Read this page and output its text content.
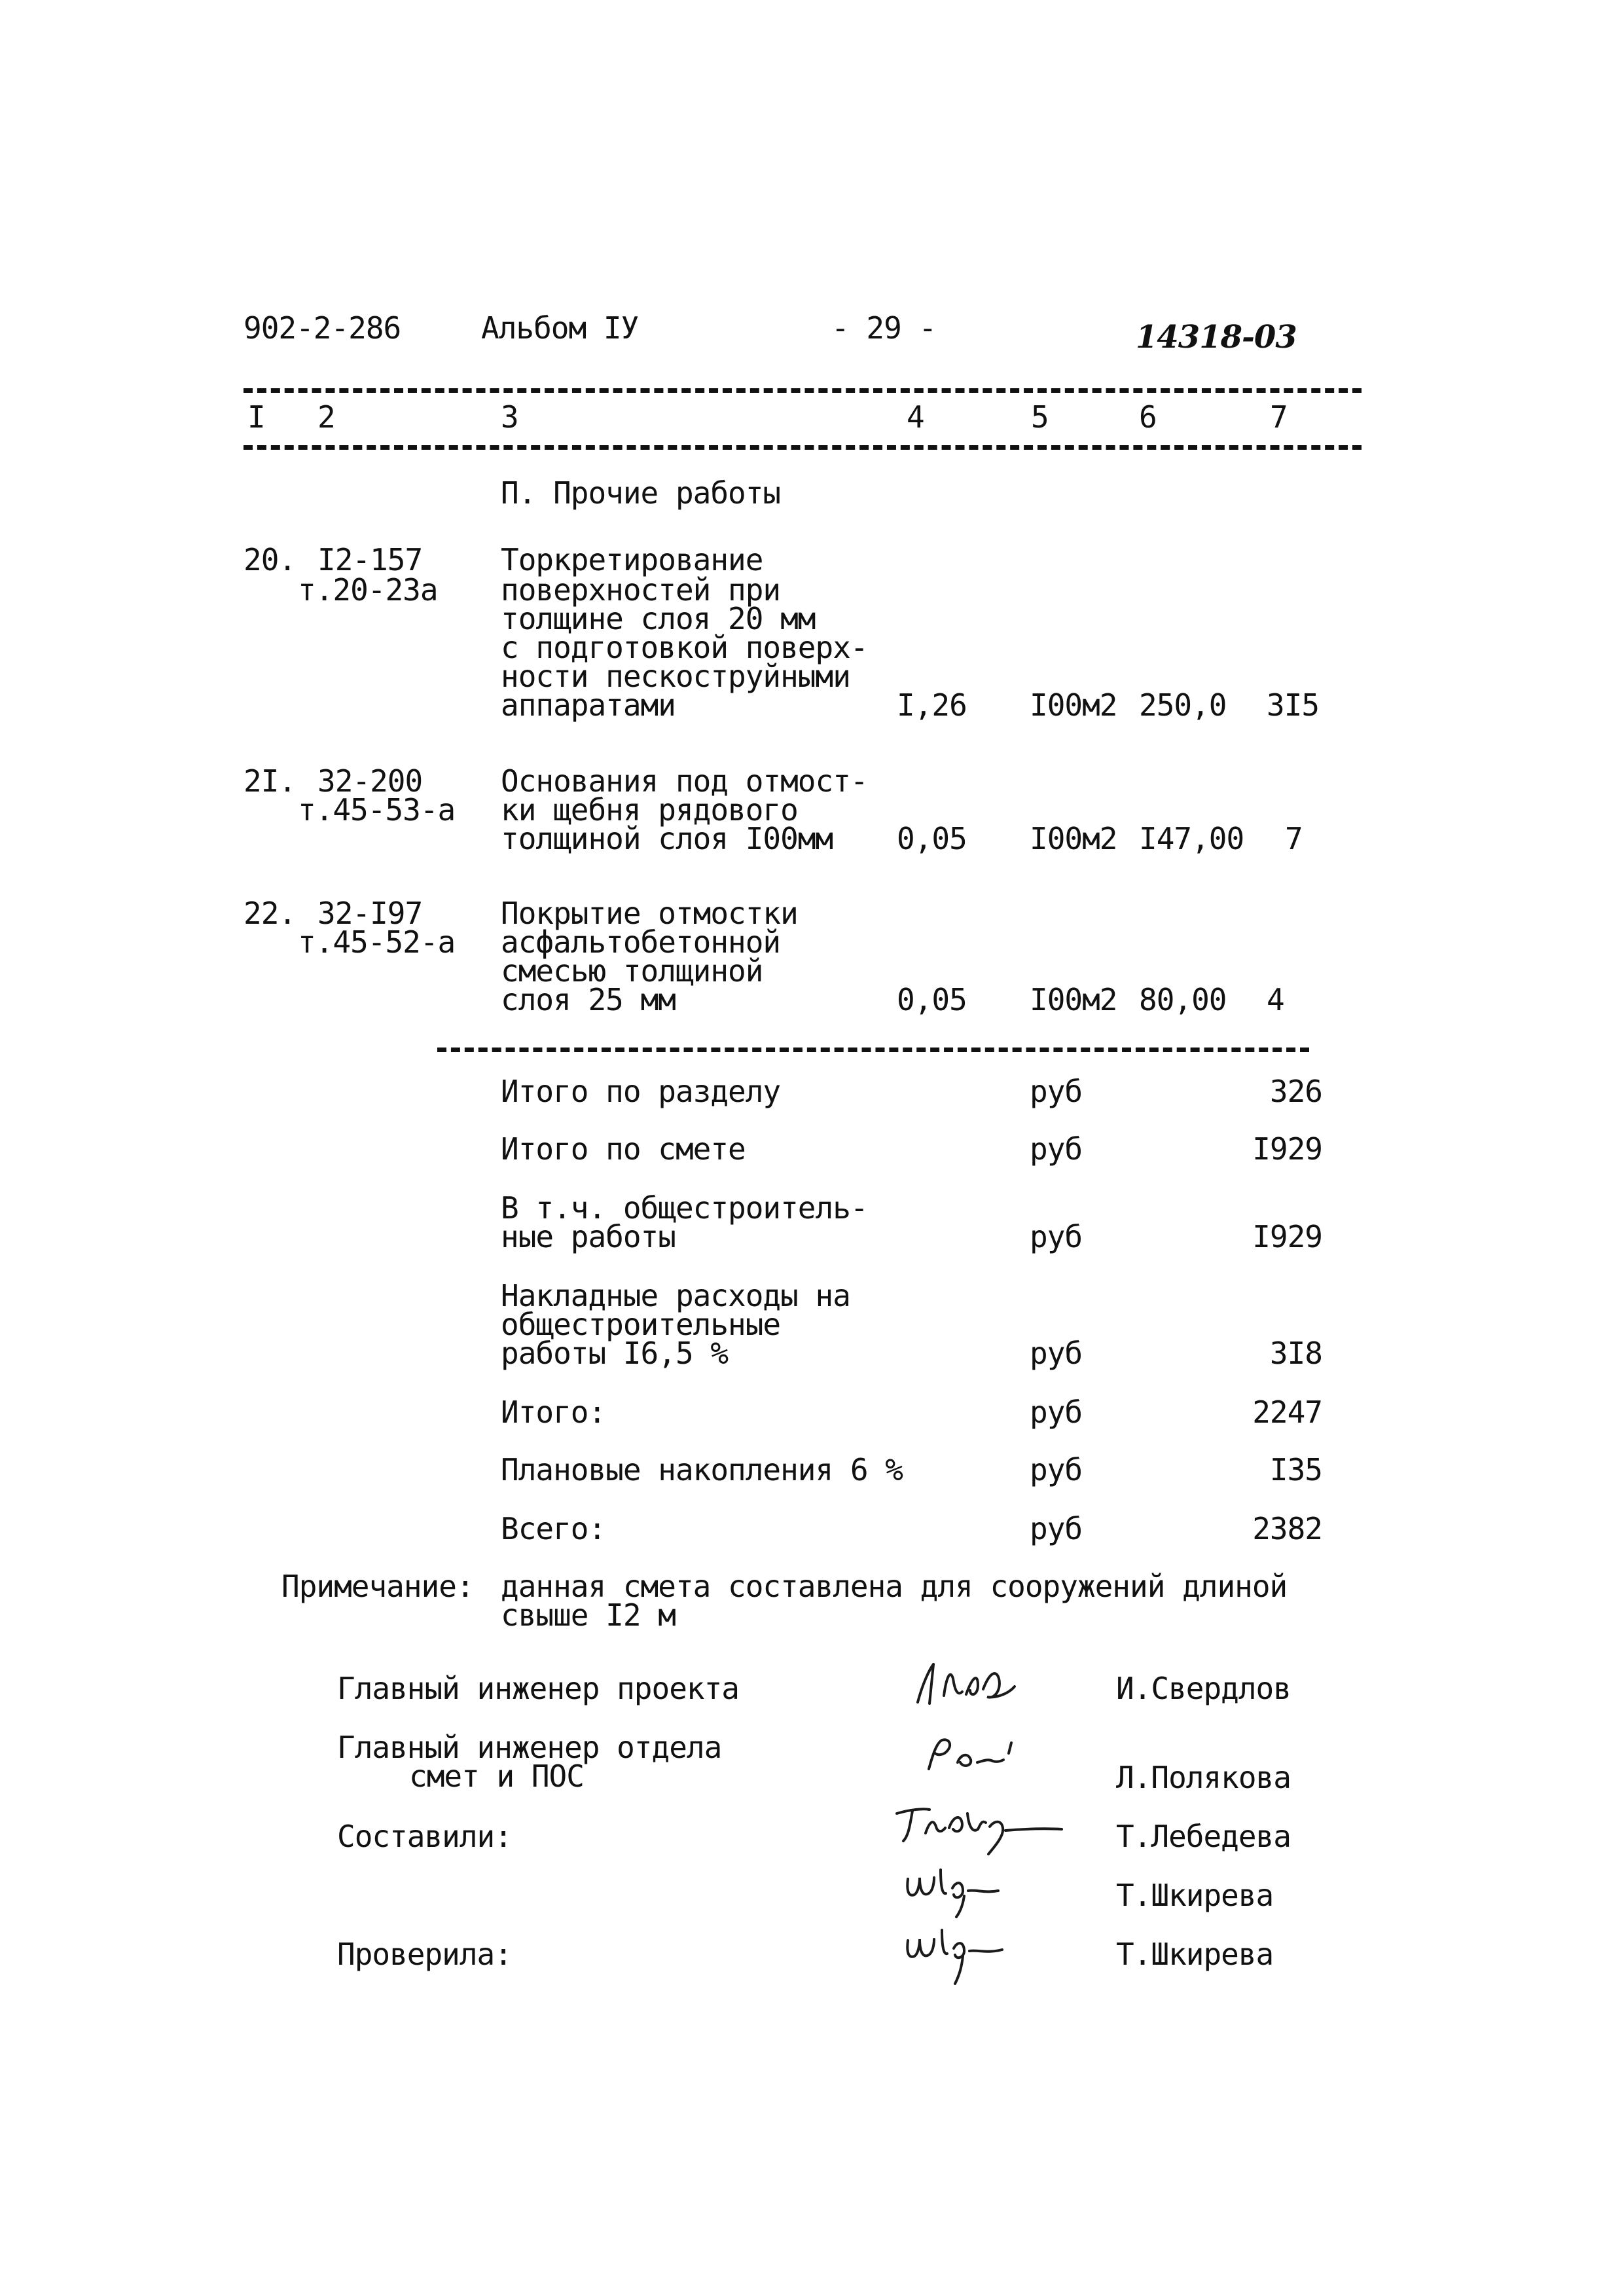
902-2-286	Альбом IУ	- 29 -	14318-03
I 2	3	4	5	6	7
П. Прочие работы
20. I2-157
т.20-23а
Торкретирование
поверхностей при
толщине слоя 20 мм
с подготовкой поверх-
ности пескоструйными
аппаратами	I,26 I00м2 250,0 3I5
2I. 32-200
т.45-53-а
Основания под отмост-
ки щебня рядового
толщиной слоя I00мм 0,05 I00м2 I47,00 7
22. 32-I97
т.45-52-а
Покрытие отмостки
асфальтобетонной
смесью толщиной
слоя 25 мм	0,05 I00м2 80,00 4
Итого по разделу	руб	326
Итого по смете	руб	I929
В т.ч. общестроитель-
ные работы	руб	I929
Накладные расходы на
общестроительные
работы I6,5 %	руб	3I8
Итого:	руб	2247
Плановые накопления 6 %	руб	I35
Всего:	руб	2382
Примечание: данная смета составлена для сооружений длиной
свыше I2 м
Главный инженер проекта	И.Свердлов
Главный инженер отдела
смет и ПОС	Л.Полякова
Составили:	Т.Лебедева
Т.Шкирева
Проверила:	Т.Шкирева
